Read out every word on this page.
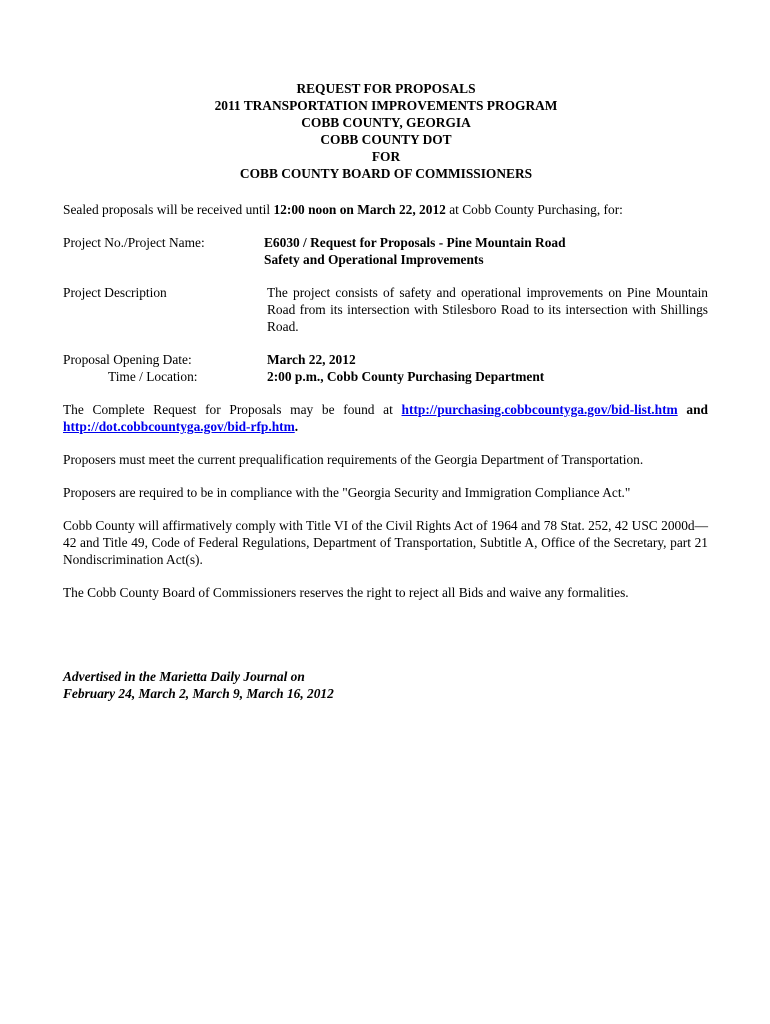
REQUEST FOR PROPOSALS
2011 TRANSPORTATION IMPROVEMENTS PROGRAM
COBB COUNTY, GEORGIA
COBB COUNTY DOT
FOR
COBB COUNTY BOARD OF COMMISSIONERS

Sealed proposals will be received until 12:00 noon on March 22, 2012 at Cobb County Purchasing, for:

Project No./Project Name:	E6030 / Request for Proposals - Pine Mountain Road
Safety and Operational Improvements
Project Description	The project consists of safety and operational improvements on Pine Mountain Road from its intersection with Stilesboro Road to its intersection with Shillings Road.
Proposal Opening Date:	March 22, 2012
Time / Location:	2:00 p.m., Cobb County Purchasing Department

The Complete Request for Proposals may be found at http://purchasing.cobbcountyga.gov/bid-list.htm and http://dot.cobbcountyga.gov/bid-rfp.htm.

Proposers must meet the current prequalification requirements of the Georgia Department of Transportation.

Proposers are required to be in compliance with the "Georgia Security and Immigration Compliance Act."

Cobb County will affirmatively comply with Title VI of the Civil Rights Act of 1964 and 78 Stat. 252, 42 USC 2000d—42 and Title 49, Code of Federal Regulations, Department of Transportation, Subtitle A, Office of the Secretary, part 21 Nondiscrimination Act(s).

The Cobb County Board of Commissioners reserves the right to reject all Bids and waive any formalities.

Advertised in the Marietta Daily Journal on
February 24, March 2, March 9, March 16, 2012
